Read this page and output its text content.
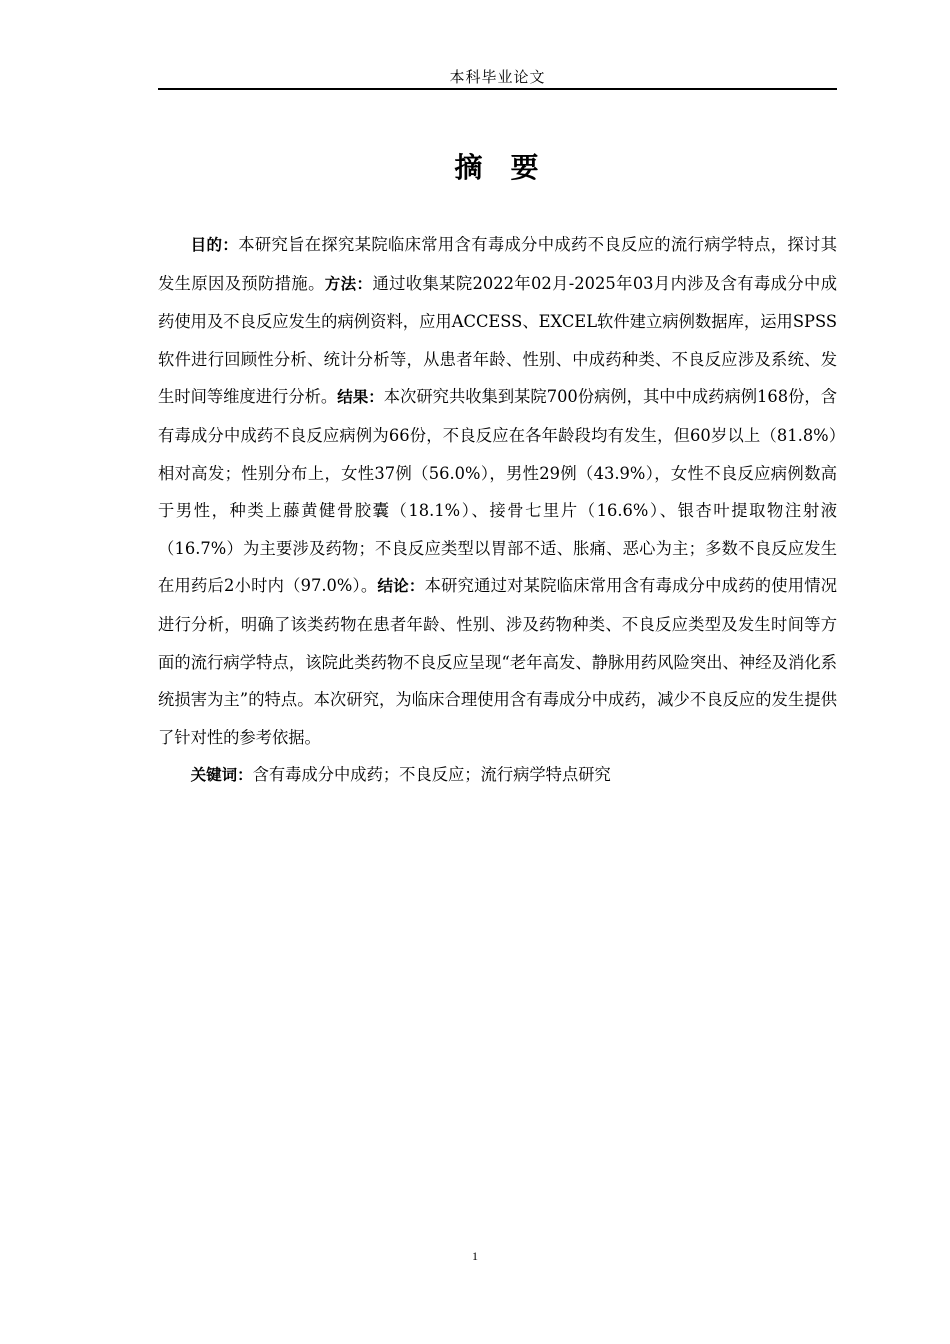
本科毕业论文
摘 要

目的：本研究旨在探究某院临床常用含有毒成分中成药不良反应的流行病学特点，探讨其发生原因及预防措施。方法：通过收集某院2022年02月-2025年03月内涉及含有毒成分中成药使用及不良反应发生的病例资料，应用ACCESS、EXCEL软件建立病例数据库，运用SPSS软件进行回顾性分析、统计分析等，从患者年龄、性别、中成药种类、不良反应涉及系统、发生时间等维度进行分析。结果：本次研究共收集到某院700份病例，其中中成药病例168份，含有毒成分中成药不良反应病例为66份，不良反应在各年龄段均有发生，但60岁以上（81.8%）相对高发；性别分布上，女性37例（56.0%），男性29例（43.9%），女性不良反应病例数高于男性，种类上藤黄健骨胶囊（18.1%）、接骨七里片（16.6%）、银杏叶提取物注射液（16.7%）为主要涉及药物；不良反应类型以胃部不适、胀痛、恶心为主；多数不良反应发生在用药后2小时内（97.0%）。结论：本研究通过对某院临床常用含有毒成分中成药的使用情况进行分析，明确了该类药物在患者年龄、性别、涉及药物种类、不良反应类型及发生时间等方面的流行病学特点，该院此类药物不良反应呈现“老年高发、静脉用药风险突出、神经及消化系统损害为主”的特点。本次研究，为临床合理使用含有毒成分中成药，减少不良反应的发生提供了针对性的参考依据。

关键词：含有毒成分中成药；不良反应；流行病学特点研究

1
